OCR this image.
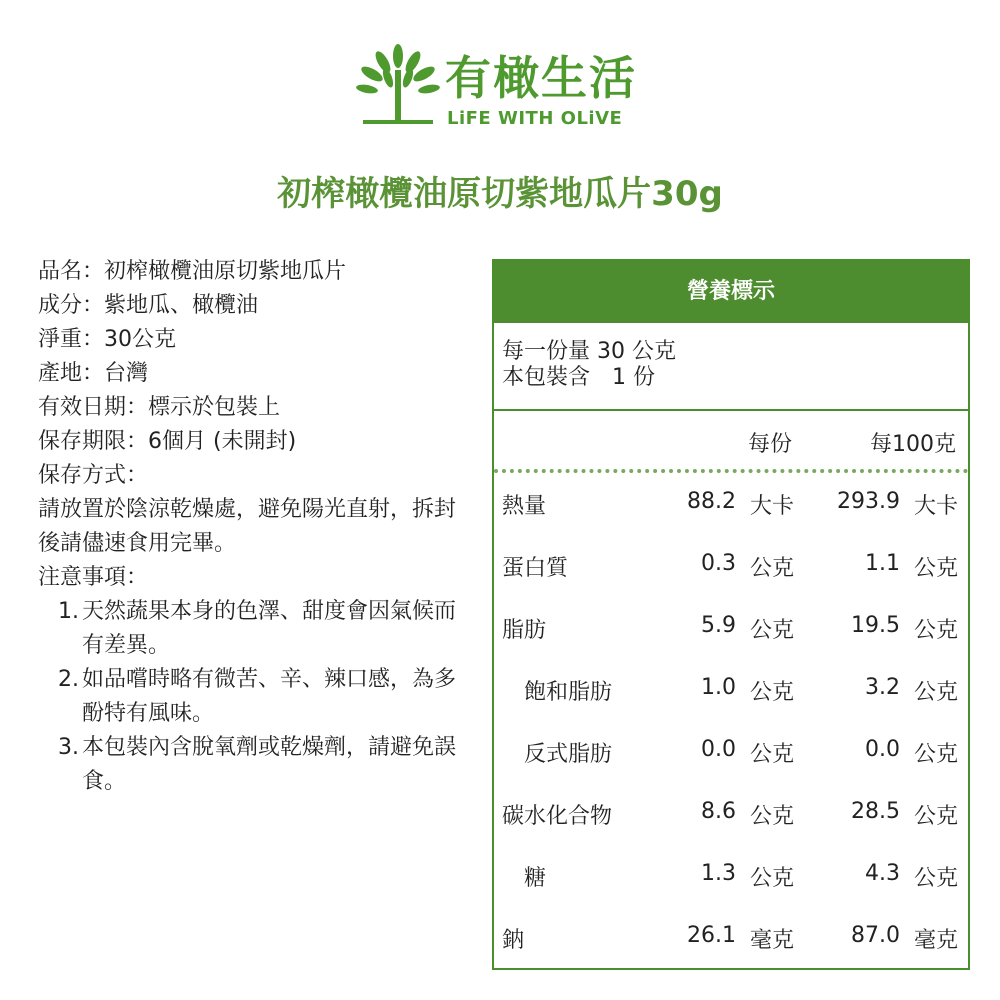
有橄生活
LiFE WITH OLiVE
初榨橄欖油原切紫地瓜片30g
品名：初榨橄欖油原切紫地瓜片
成分：紫地瓜、橄欖油
淨重：30公克
產地：台灣
有效日期：標示於包裝上
保存期限：6個月 (未開封)
保存方式：
請放置於陰涼乾燥處，避免陽光直射，拆封後請儘速食用完畢。
注意事項：
1. 天然蔬果本身的色澤、甜度會因氣候而有差異。
2. 如品嚐時略有微苦、辛、辣口感，為多酚特有風味。
3. 本包裝內含脫氧劑或乾燥劑，請避免誤食。
營養標示
每一份量 30 公克
本包裝含　1 份
每份	每100克
熱量	88.2 大卡 293.9 大卡
蛋白質	0.3 公克	1.1 公克
脂肪	5.9 公克	19.5 公克
飽和脂肪	1.0 公克	3.2 公克
反式脂肪	0.0 公克	0.0 公克
碳水化合物	8.6 公克	28.5 公克
糖	1.3 公克	4.3 公克
鈉	26.1 毫克	87.0 毫克
